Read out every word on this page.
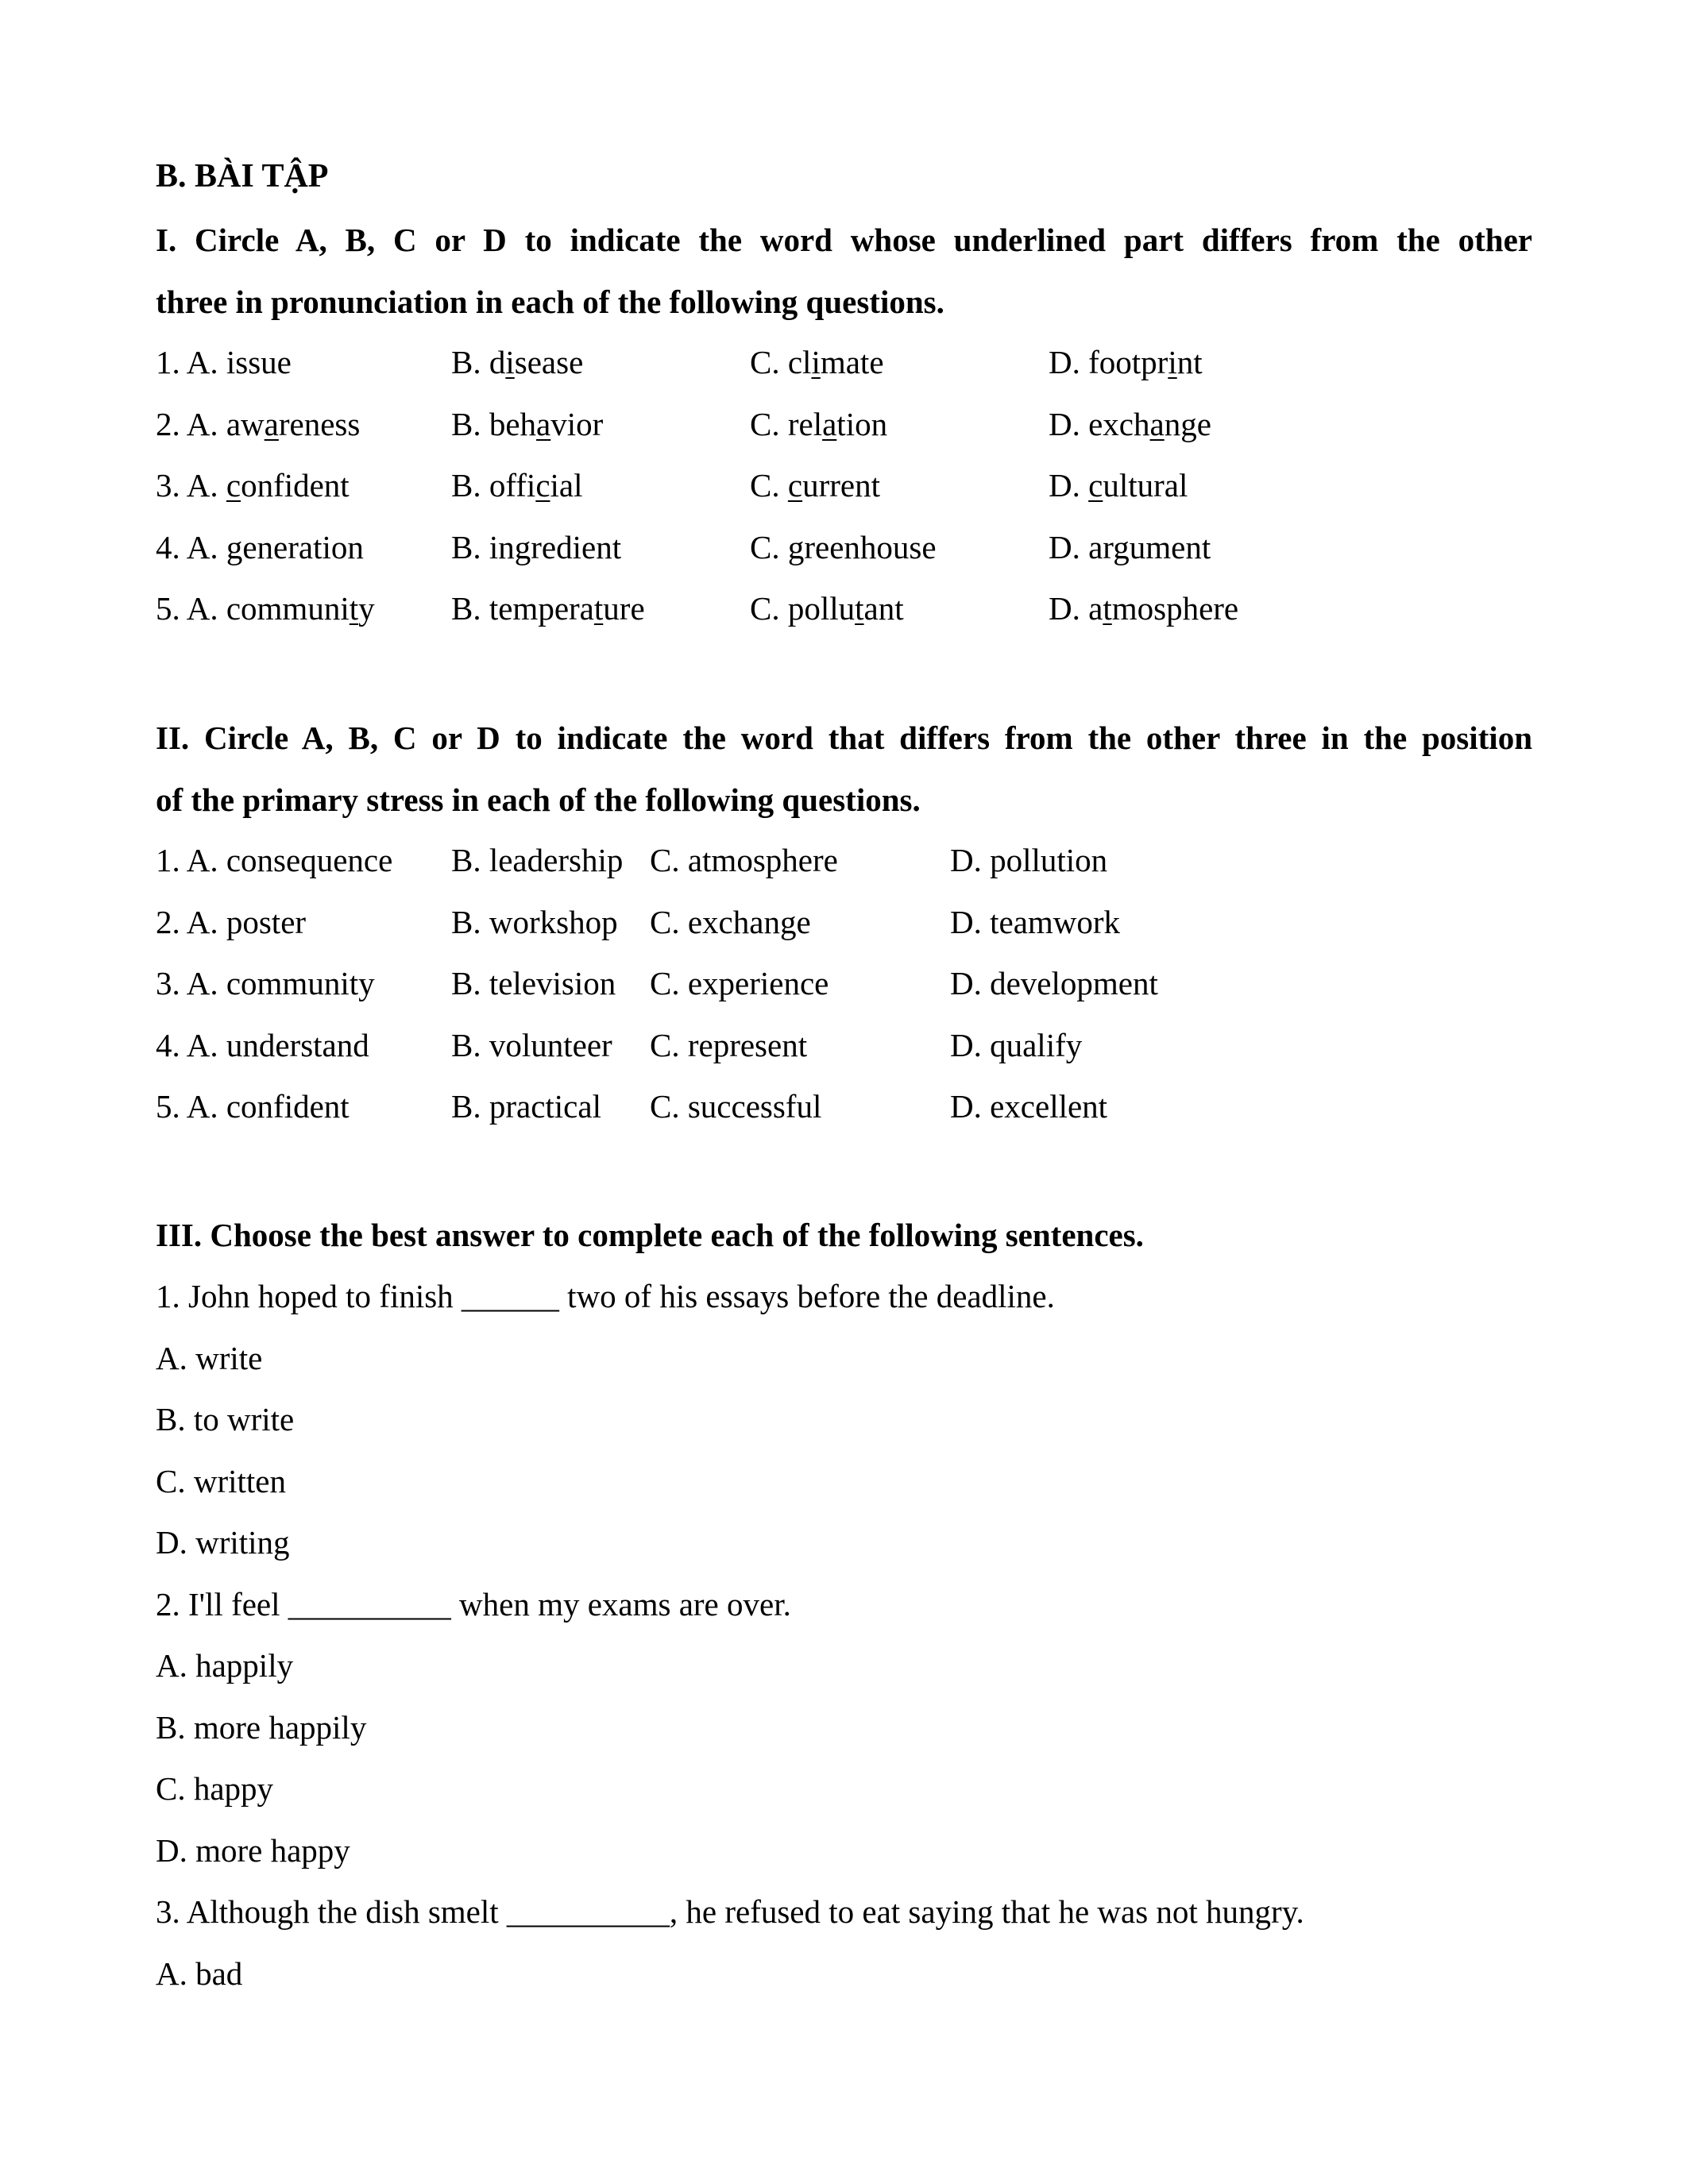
B. BÀI TẬP
I. Circle A, B, C or D to indicate the word whose underlined part differs from the other
three in pronunciation in each of the following questions.
1. A. issue	B. disease	C. climate	D. footprint
2. A. awareness	B. behavior	C. relation	D. exchange
3. A. confident	B. official	C. current	D. cultural
4. A. generation	B. ingredient	C. greenhouse	D. argument
5. A. community B. temperature	C. pollutant	D. atmosphere
II. Circle A, B, C or D to indicate the word that differs from the other three in the position
of the primary stress in each of the following questions.
1. A. consequence B. leadership C. atmosphere	D. pollution
2. A. poster	B. workshop C. exchange	D. teamwork
3. A. community B. television C. experience	D. development
4. A. understand	B. volunteer C. represent	D. qualify
5. A. confident	B. practical C. successful	D. excellent
III. Choose the best answer to complete each of the following sentences.
1. John hoped to finish ______ two of his essays before the deadline.
A. write
B. to write
C. written
D. writing
2. I'll feel __________ when my exams are over.
A. happily
B. more happily
C. happy
D. more happy
3. Although the dish smelt __________, he refused to eat saying that he was not hungry.
A. bad
